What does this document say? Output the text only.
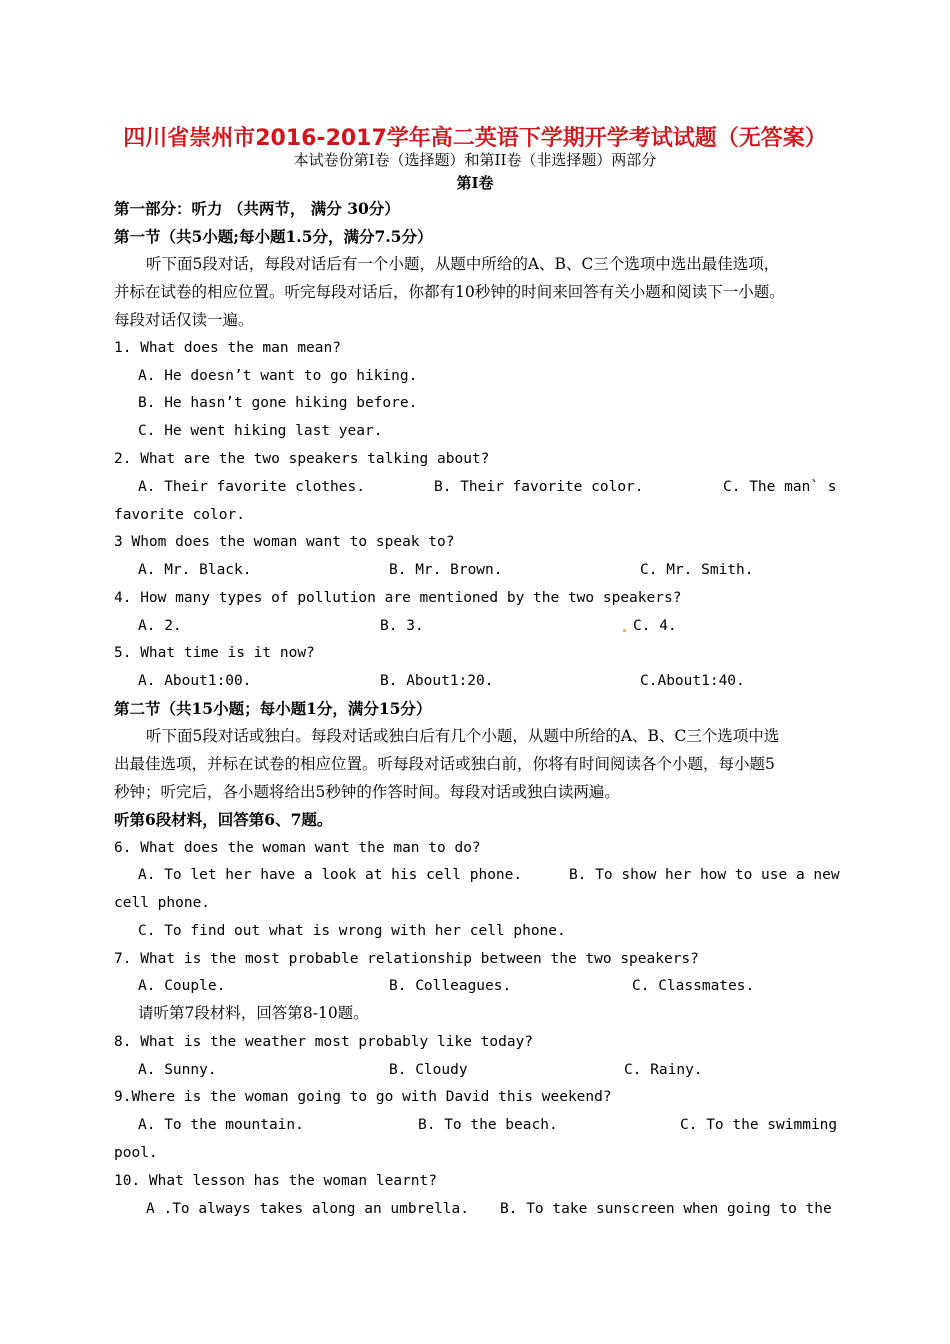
四川省崇州市2016-2017学年高二英语下学期开学考试试题（无答案）
本试卷份第I卷（选择题）和第II卷（非选择题）两部分
第I卷
第一部分：听力 （共两节， 满分 30分）
第一节（共5小题;每小题1.5分，满分7.5分）
听下面5段对话，每段对话后有一个小题，从题中所给的A、B、C三个选项中选出最佳选项，
并标在试卷的相应位置。听完每段对话后，你都有10秒钟的时间来回答有关小题和阅读下一小题。
每段对话仅读一遍。
1. What does the man mean?
A. He doesn’t want to go hiking.
B. He hasn’t gone hiking before.
C. He went hiking last year.
2. What are the two speakers talking about?
A. Their favorite clothes.	B. Their favorite color.	C. The man` s
favorite color.
3 Whom does the woman want to speak to?
A. Mr. Black.	B. Mr. Brown.	C. Mr. Smith.
4. How many types of pollution are mentioned by the two speakers?
A. 2.	B. 3.	C. 4.
5. What time is it now?
A. About1:00.	B. About1:20.	C.About1:40.
第二节（共15小题；每小题1分，满分15分）
听下面5段对话或独白。每段对话或独白后有几个小题，从题中所给的A、B、C三个选项中选
出最佳选项，并标在试卷的相应位置。听每段对话或独白前，你将有时间阅读各个小题，每小题5
秒钟；听完后，各小题将给出5秒钟的作答时间。每段对话或独白读两遍。
听第6段材料，回答第6、7题。
6. What does the woman want the man to do?
A. To let her have a look at his cell phone.	B. To show her how to use a new
cell phone.
C. To find out what is wrong with her cell phone.
7. What is the most probable relationship between the two speakers?
A. Couple.	B. Colleagues.	C. Classmates.
请听第7段材料，回答第8-10题。
8. What is the weather most probably like today?
A. Sunny.	B. Cloudy	C. Rainy.
9.Where is the woman going to go with David this weekend?
A. To the mountain.	B. To the beach.	C. To the swimming
pool.
10. What lesson has the woman learnt?
A .To always takes along an umbrella. B. To take sunscreen when going to the
